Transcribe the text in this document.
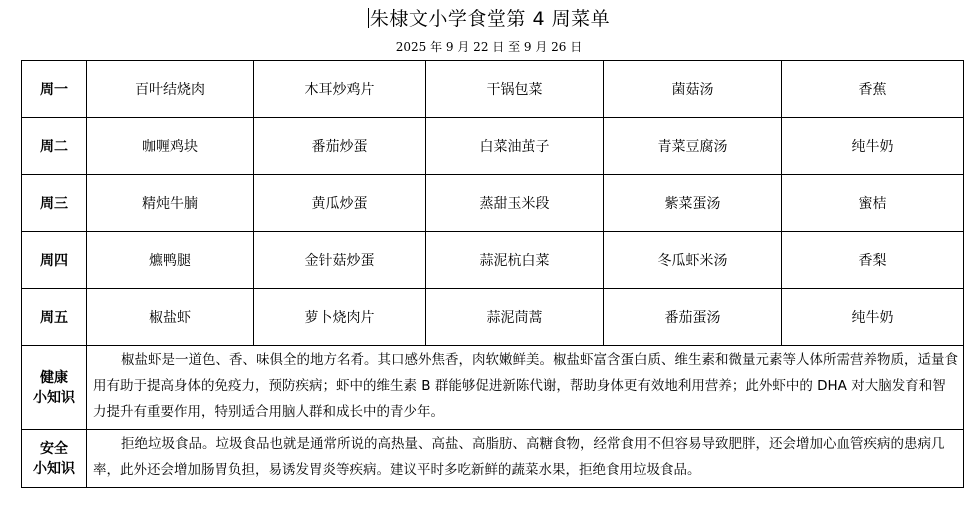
朱棣文小学食堂第 4 周菜单
2025 年 9 月 22 日 至 9 月 26 日
周一	百叶结烧肉	木耳炒鸡片	干锅包菜	菌菇汤	香蕉
周二	咖喱鸡块	番茄炒蛋	白菜油茧子	青菜豆腐汤	纯牛奶
周三	精炖牛腩	黄瓜炒蛋	蒸甜玉米段	紫菜蛋汤	蜜桔
周四	爊鸭腿	金针菇炒蛋	蒜泥杭白菜	冬瓜虾米汤	香梨
周五	椒盐虾	萝卜烧肉片	蒜泥茼蒿	番茄蛋汤	纯牛奶

健康
小知识	椒盐虾是一道色、香、味俱全的地方名肴。其口感外焦香，肉软嫩鲜美。椒盐虾富含蛋白质、维生素和微量元素等人体所需营养物质，适量食用有助于提高身体的免疫力，预防疾病；虾中的维生素 B 群能够促进新陈代谢，帮助身体更有效地利用营养；此外虾中的 DHA 对大脑发育和智力提升有重要作用，特别适合用脑人群和成长中的青少年。				

安全
小知识	拒绝垃圾食品。垃圾食品也就是通常所说的高热量、高盐、高脂肪、高糖食物，经常食用不但容易导致肥胖，还会增加心血管疾病的患病几率，此外还会增加肠胃负担，易诱发胃炎等疾病。建议平时多吃新鲜的蔬菜水果，拒绝食用垃圾食品。				
